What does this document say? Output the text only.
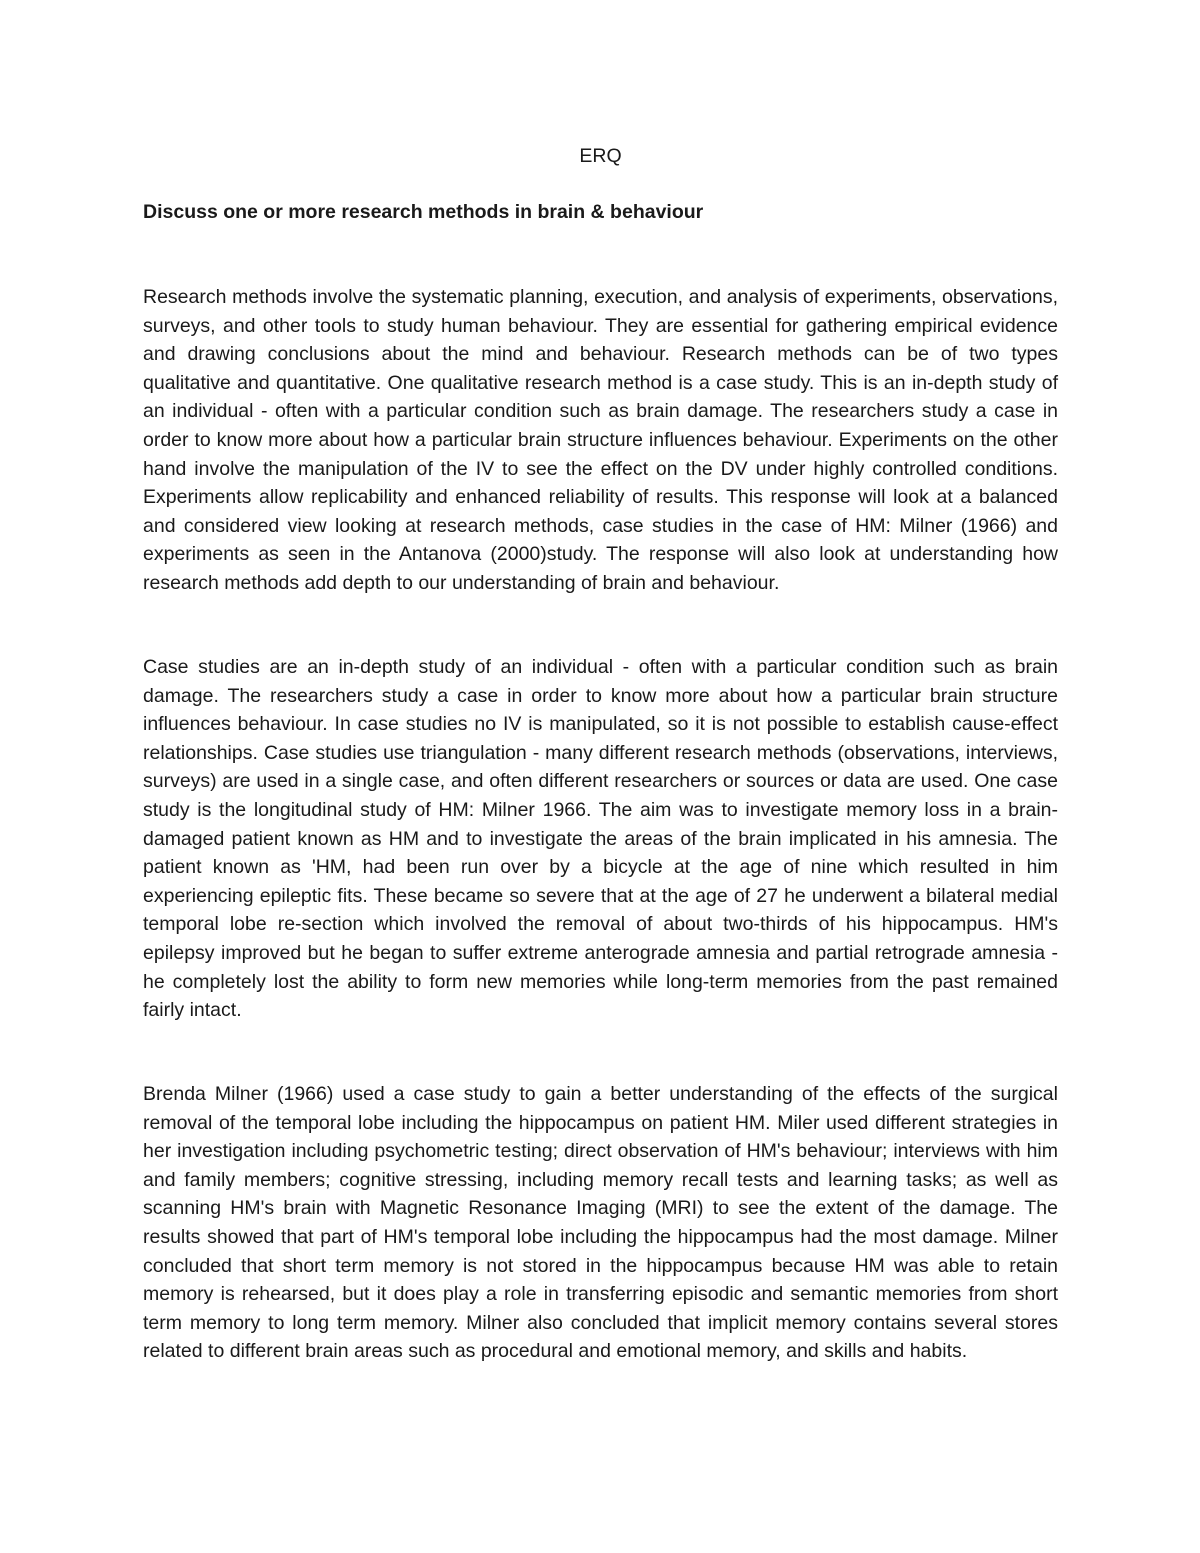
ERQ

Discuss one or more research methods in brain & behaviour

Research methods involve the systematic planning, execution, and analysis of experiments, observations, surveys, and other tools to study human behaviour. They are essential for gathering empirical evidence and drawing conclusions about the mind and behaviour. Research methods can be of two types qualitative and quantitative. One qualitative research method is a case study. This is an in-depth study of an individual - often with a particular condition such as brain damage. The researchers study a case in order to know more about how a particular brain structure influences behaviour. Experiments on the other hand involve the manipulation of the IV to see the effect on the DV under highly controlled conditions. Experiments allow replicability and enhanced reliability of results. This response will look at a balanced and considered view looking at research methods, case studies in the case of HM: Milner (1966) and experiments as seen in the Antanova (2000)study. The response will also look at understanding how research methods add depth to our understanding of brain and behaviour.

Case studies are an in-depth study of an individual - often with a particular condition such as brain damage. The researchers study a case in order to know more about how a particular brain structure influences behaviour. In case studies no IV is manipulated, so it is not possible to establish cause-effect relationships. Case studies use triangulation - many different research methods (observations, interviews, surveys) are used in a single case, and often different researchers or sources or data are used. One case study is the longitudinal study of HM: Milner 1966. The aim was to investigate memory loss in a brain-damaged patient known as HM and to investigate the areas of the brain implicated in his amnesia. The patient known as 'HM, had been run over by a bicycle at the age of nine which resulted in him experiencing epileptic fits. These became so severe that at the age of 27 he underwent a bilateral medial temporal lobe re-section which involved the removal of about two-thirds of his hippocampus. HM's epilepsy improved but he began to suffer extreme anterograde amnesia and partial retrograde amnesia - he completely lost the ability to form new memories while long-term memories from the past remained fairly intact.

Brenda Milner (1966) used a case study to gain a better understanding of the effects of the surgical removal of the temporal lobe including the hippocampus on patient HM. Miler used different strategies in her investigation including psychometric testing; direct observation of HM's behaviour; interviews with him and family members; cognitive stressing, including memory recall tests and learning tasks; as well as scanning HM's brain with Magnetic Resonance Imaging (MRI) to see the extent of the damage. The results showed that part of HM's temporal lobe including the hippocampus had the most damage. Milner concluded that short term memory is not stored in the hippocampus because HM was able to retain memory is rehearsed, but it does play a role in transferring episodic and semantic memories from short term memory to long term memory. Milner also concluded that implicit memory contains several stores related to different brain areas such as procedural and emotional memory, and skills and habits.
